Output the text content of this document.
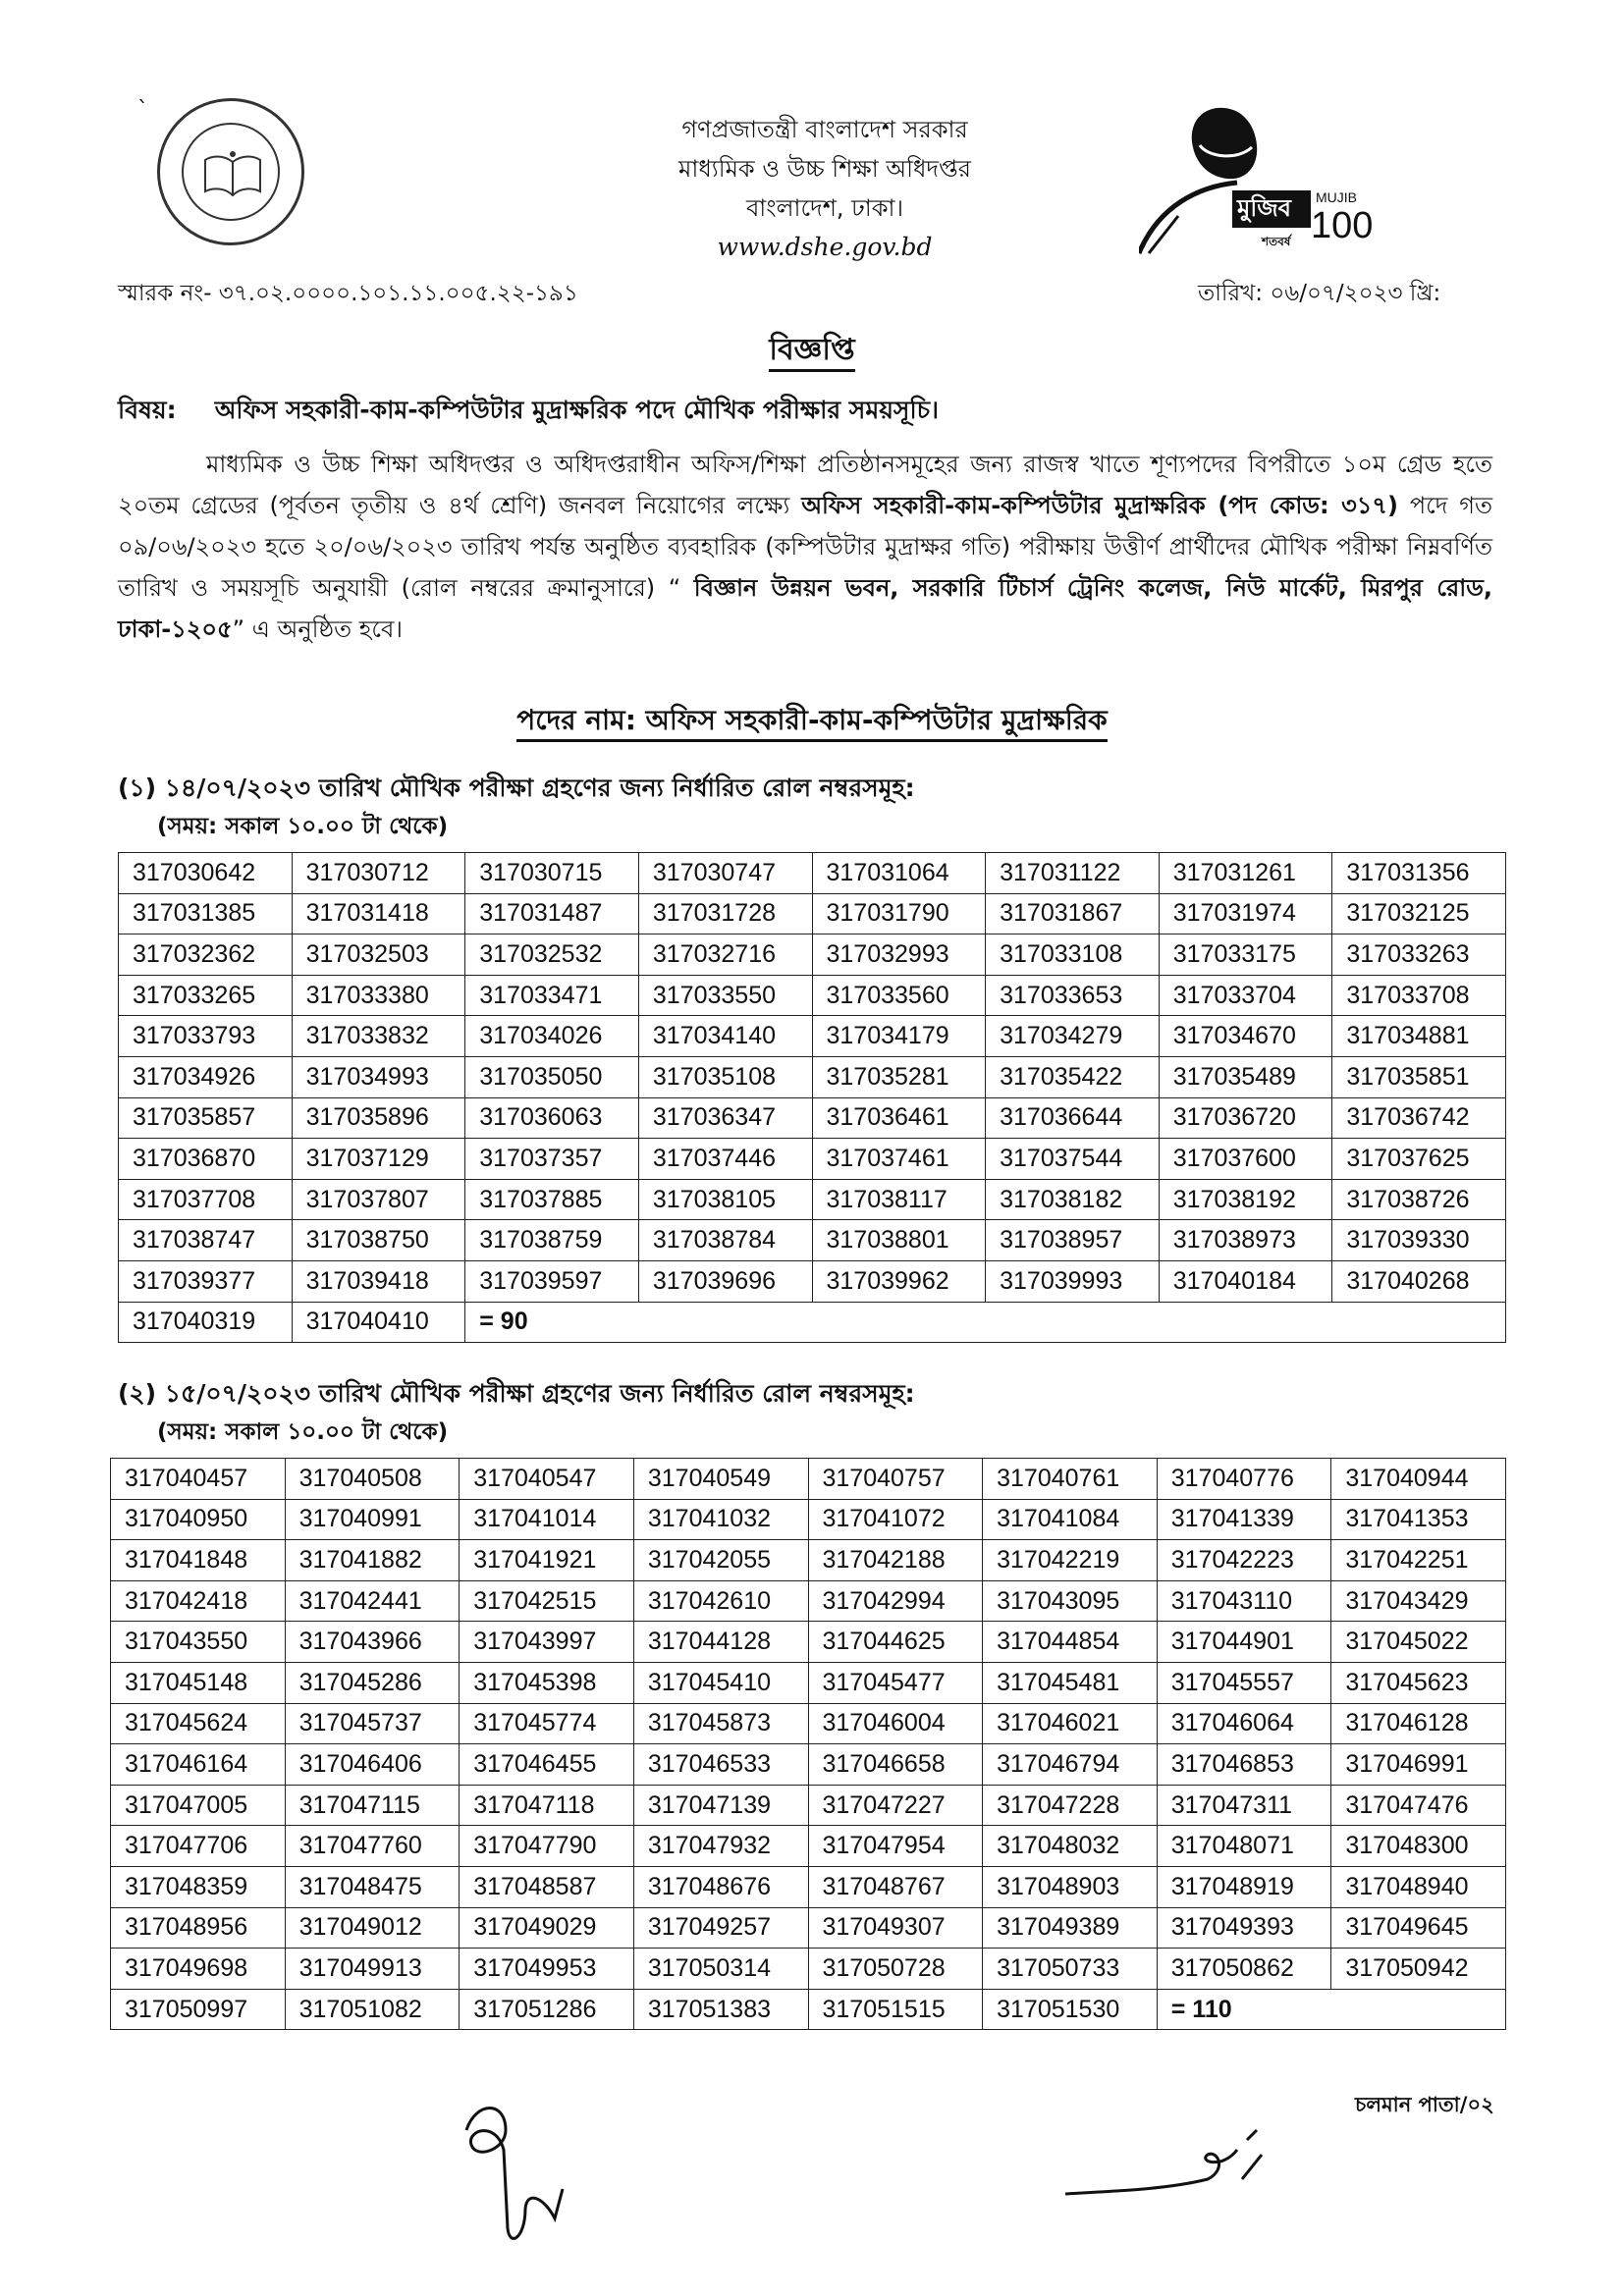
ˋ
গণপ্রজাতন্ত্রী বাংলাদেশ সরকার
মাধ্যমিক ও উচ্চ শিক্ষা অধিদপ্তর
বাংলাদেশ, ঢাকা।
www.dshe.gov.bd
মুজিব MUJIB
100
শতবর্ষ
স্মারক নং- ৩৭.০২.০০০০.১০১.১১.০০৫.২২-১৯১	তারিখ: ০৬/০৭/২০২৩ খ্রি:
বিজ্ঞপ্তি
বিষয়: অফিস সহকারী-কাম-কম্পিউটার মুদ্রাক্ষরিক পদে মৌখিক পরীক্ষার সময়সূচি।
মাধ্যমিক ও উচ্চ শিক্ষা অধিদপ্তর ও অধিদপ্তরাধীন অফিস/শিক্ষা প্রতিষ্ঠানসমূহের জন্য রাজস্ব খাতে শূণ্যপদের বিপরীতে ১০ম গ্রেড হতে ২০তম গ্রেডের (পূর্বতন তৃতীয় ও ৪র্থ শ্রেণি) জনবল নিয়োগের লক্ষ্যে অফিস সহকারী-কাম-কম্পিউটার মুদ্রাক্ষরিক (পদ কোড: ৩১৭) পদে গত ০৯/০৬/২০২৩ হতে ২০/০৬/২০২৩ তারিখ পর্যন্ত অনুষ্ঠিত ব্যবহারিক (কম্পিউটার মুদ্রাক্ষর গতি) পরীক্ষায় উত্তীর্ণ প্রার্থীদের মৌখিক পরীক্ষা নিম্নবর্ণিত তারিখ ও সময়সূচি অনুযায়ী (রোল নম্বরের ক্রমানুসারে) “ বিজ্ঞান উন্নয়ন ভবন, সরকারি টিচার্স ট্রেনিং কলেজ, নিউ মার্কেট, মিরপুর রোড, ঢাকা-১২০৫” এ অনুষ্ঠিত হবে।
পদের নাম: অফিস সহকারী-কাম-কম্পিউটার মুদ্রাক্ষরিক
(১) ১৪/০৭/২০২৩ তারিখ মৌখিক পরীক্ষা গ্রহণের জন্য নির্ধারিত রোল নম্বরসমূহ:
(সময়: সকাল ১০.০০ টা থেকে)
317030642	317030712	317030715	317030747	317031064	317031122	317031261	317031356
317031385	317031418	317031487	317031728	317031790	317031867	317031974	317032125
317032362	317032503	317032532	317032716	317032993	317033108	317033175	317033263
317033265	317033380	317033471	317033550	317033560	317033653	317033704	317033708
317033793	317033832	317034026	317034140	317034179	317034279	317034670	317034881
317034926	317034993	317035050	317035108	317035281	317035422	317035489	317035851
317035857	317035896	317036063	317036347	317036461	317036644	317036720	317036742
317036870	317037129	317037357	317037446	317037461	317037544	317037600	317037625
317037708	317037807	317037885	317038105	317038117	317038182	317038192	317038726
317038747	317038750	317038759	317038784	317038801	317038957	317038973	317039330
317039377	317039418	317039597	317039696	317039962	317039993	317040184	317040268
317040319	317040410	= 90					
(২) ১৫/০৭/২০২৩ তারিখ মৌখিক পরীক্ষা গ্রহণের জন্য নির্ধারিত রোল নম্বরসমূহ:
(সময়: সকাল ১০.০০ টা থেকে)
317040457	317040508	317040547	317040549	317040757	317040761	317040776	317040944
317040950	317040991	317041014	317041032	317041072	317041084	317041339	317041353
317041848	317041882	317041921	317042055	317042188	317042219	317042223	317042251
317042418	317042441	317042515	317042610	317042994	317043095	317043110	317043429
317043550	317043966	317043997	317044128	317044625	317044854	317044901	317045022
317045148	317045286	317045398	317045410	317045477	317045481	317045557	317045623
317045624	317045737	317045774	317045873	317046004	317046021	317046064	317046128
317046164	317046406	317046455	317046533	317046658	317046794	317046853	317046991
317047005	317047115	317047118	317047139	317047227	317047228	317047311	317047476
317047706	317047760	317047790	317047932	317047954	317048032	317048071	317048300
317048359	317048475	317048587	317048676	317048767	317048903	317048919	317048940
317048956	317049012	317049029	317049257	317049307	317049389	317049393	317049645
317049698	317049913	317049953	317050314	317050728	317050733	317050862	317050942
317050997	317051082	317051286	317051383	317051515	317051530	= 110	
চলমান পাতা/০২
